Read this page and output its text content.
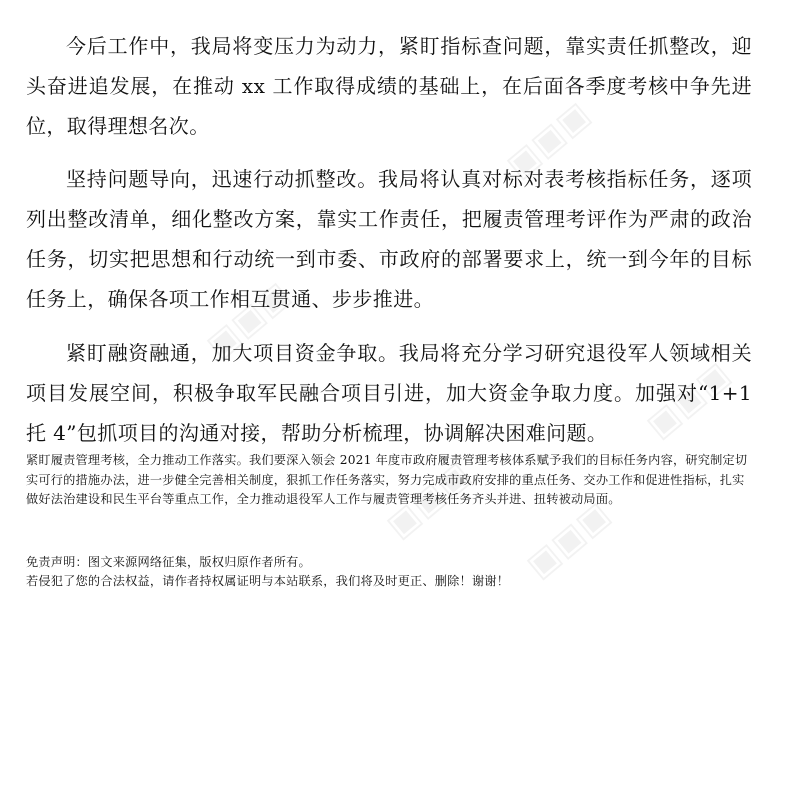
▣▣▣
▣▣▣
▣▣▣
▣▣▣
▣▣▣

今后工作中，我局将变压力为动力，紧盯指标查问题，靠实责任抓整改，迎头奋进追发展，在推动 xx 工作取得成绩的基础上，在后面各季度考核中争先进位，取得理想名次。

坚持问题导向，迅速行动抓整改。我局将认真对标对表考核指标任务，逐项列出整改清单，细化整改方案，靠实工作责任，把履责管理考评作为严肃的政治任务，切实把思想和行动统一到市委、市政府的部署要求上，统一到今年的目标任务上，确保各项工作相互贯通、步步推进。

紧盯融资融通，加大项目资金争取。我局将充分学习研究退役军人领域相关项目发展空间，积极争取军民融合项目引进，加大资金争取力度。加强对“1+1 托 4”包抓项目的沟通对接，帮助分析梳理，协调解决困难问题。

紧盯履责管理考核，全力推动工作落实。我们要深入领会 2021 年度市政府履责管理考核体系赋予我们的目标任务内容，研究制定切实可行的措施办法，进一步健全完善相关制度，狠抓工作任务落实，努力完成市政府安排的重点任务、交办工作和促进性指标，扎实做好法治建设和民生平台等重点工作，全力推动退役军人工作与履责管理考核任务齐头并进、扭转被动局面。

免责声明：图文来源网络征集，版权归原作者所有。

若侵犯了您的合法权益，请作者持权属证明与本站联系，我们将及时更正、删除！谢谢！
